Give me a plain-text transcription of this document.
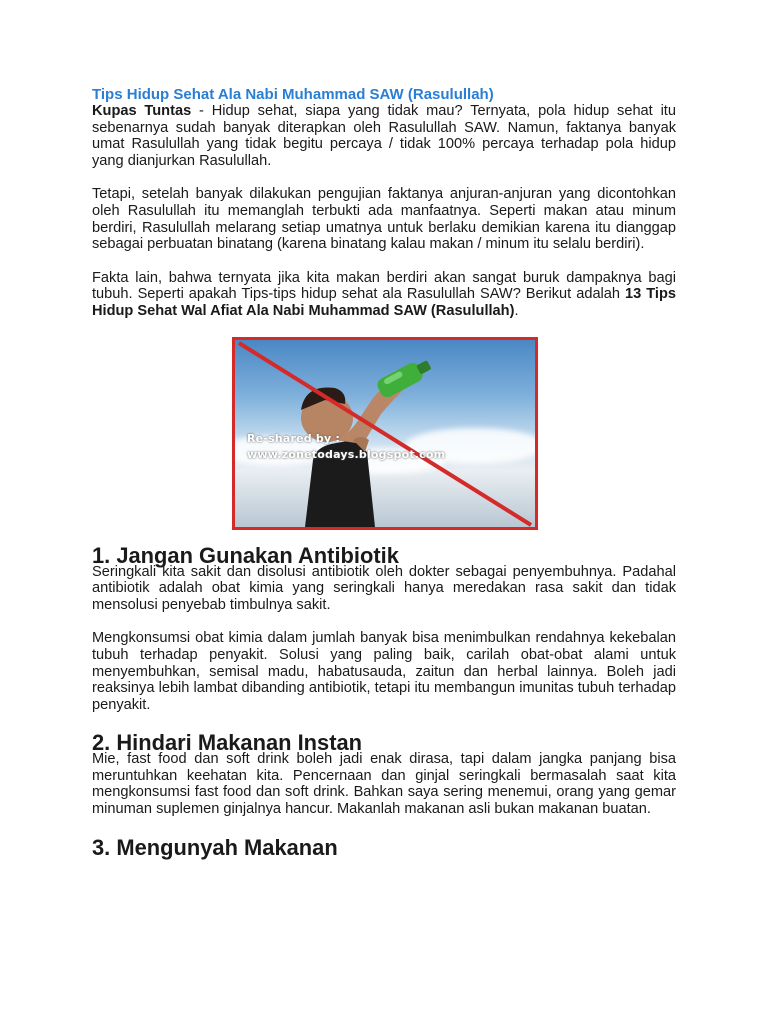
Tips Hidup Sehat Ala Nabi Muhammad SAW (Rasulullah)

Kupas Tuntas - Hidup sehat, siapa yang tidak mau? Ternyata, pola hidup sehat itu sebenarnya sudah banyak diterapkan oleh Rasulullah SAW. Namun, faktanya banyak umat Rasulullah yang tidak begitu percaya / tidak 100% percaya terhadap pola hidup yang dianjurkan Rasulullah.

Tetapi, setelah banyak dilakukan pengujian faktanya anjuran-anjuran yang dicontohkan oleh Rasulullah itu memanglah terbukti ada manfaatnya. Seperti makan atau minum berdiri, Rasulullah melarang setiap umatnya untuk berlaku demikian karena itu dianggap sebagai perbuatan binatang (karena binatang kalau makan / minum itu selalu berdiri).

Fakta lain, bahwa ternyata jika kita makan berdiri akan sangat buruk dampaknya bagi tubuh. Seperti apakah Tips-tips hidup sehat ala Rasulullah SAW? Berikut adalah 13 Tips Hidup Sehat Wal Afiat Ala Nabi Muhammad SAW (Rasulullah).

Re-shared by : www.zonetodays.blogspot.com
1. Jangan Gunakan Antibiotik

Seringkali kita sakit dan disolusi antibiotik oleh dokter sebagai penyembuhnya. Padahal antibiotik adalah obat kimia yang seringkali hanya meredakan rasa sakit dan tidak mensolusi penyebab timbulnya sakit.

Mengkonsumsi obat kimia dalam jumlah banyak bisa menimbulkan rendahnya kekebalan tubuh terhadap penyakit. Solusi yang paling baik, carilah obat-obat alami untuk menyembuhkan, semisal madu, habatusauda, zaitun dan herbal lainnya. Boleh jadi reaksinya lebih lambat dibanding antibiotik, tetapi itu membangun imunitas tubuh terhadap penyakit.

2. Hindari Makanan Instan

Mie, fast food dan soft drink boleh jadi enak dirasa, tapi dalam jangka panjang bisa meruntuhkan keehatan kita. Pencernaan dan ginjal seringkali bermasalah saat kita mengkonsumsi fast food dan soft drink. Bahkan saya sering menemui, orang yang gemar minuman suplemen ginjalnya hancur. Makanlah makanan asli bukan makanan buatan.

3. Mengunyah Makanan
